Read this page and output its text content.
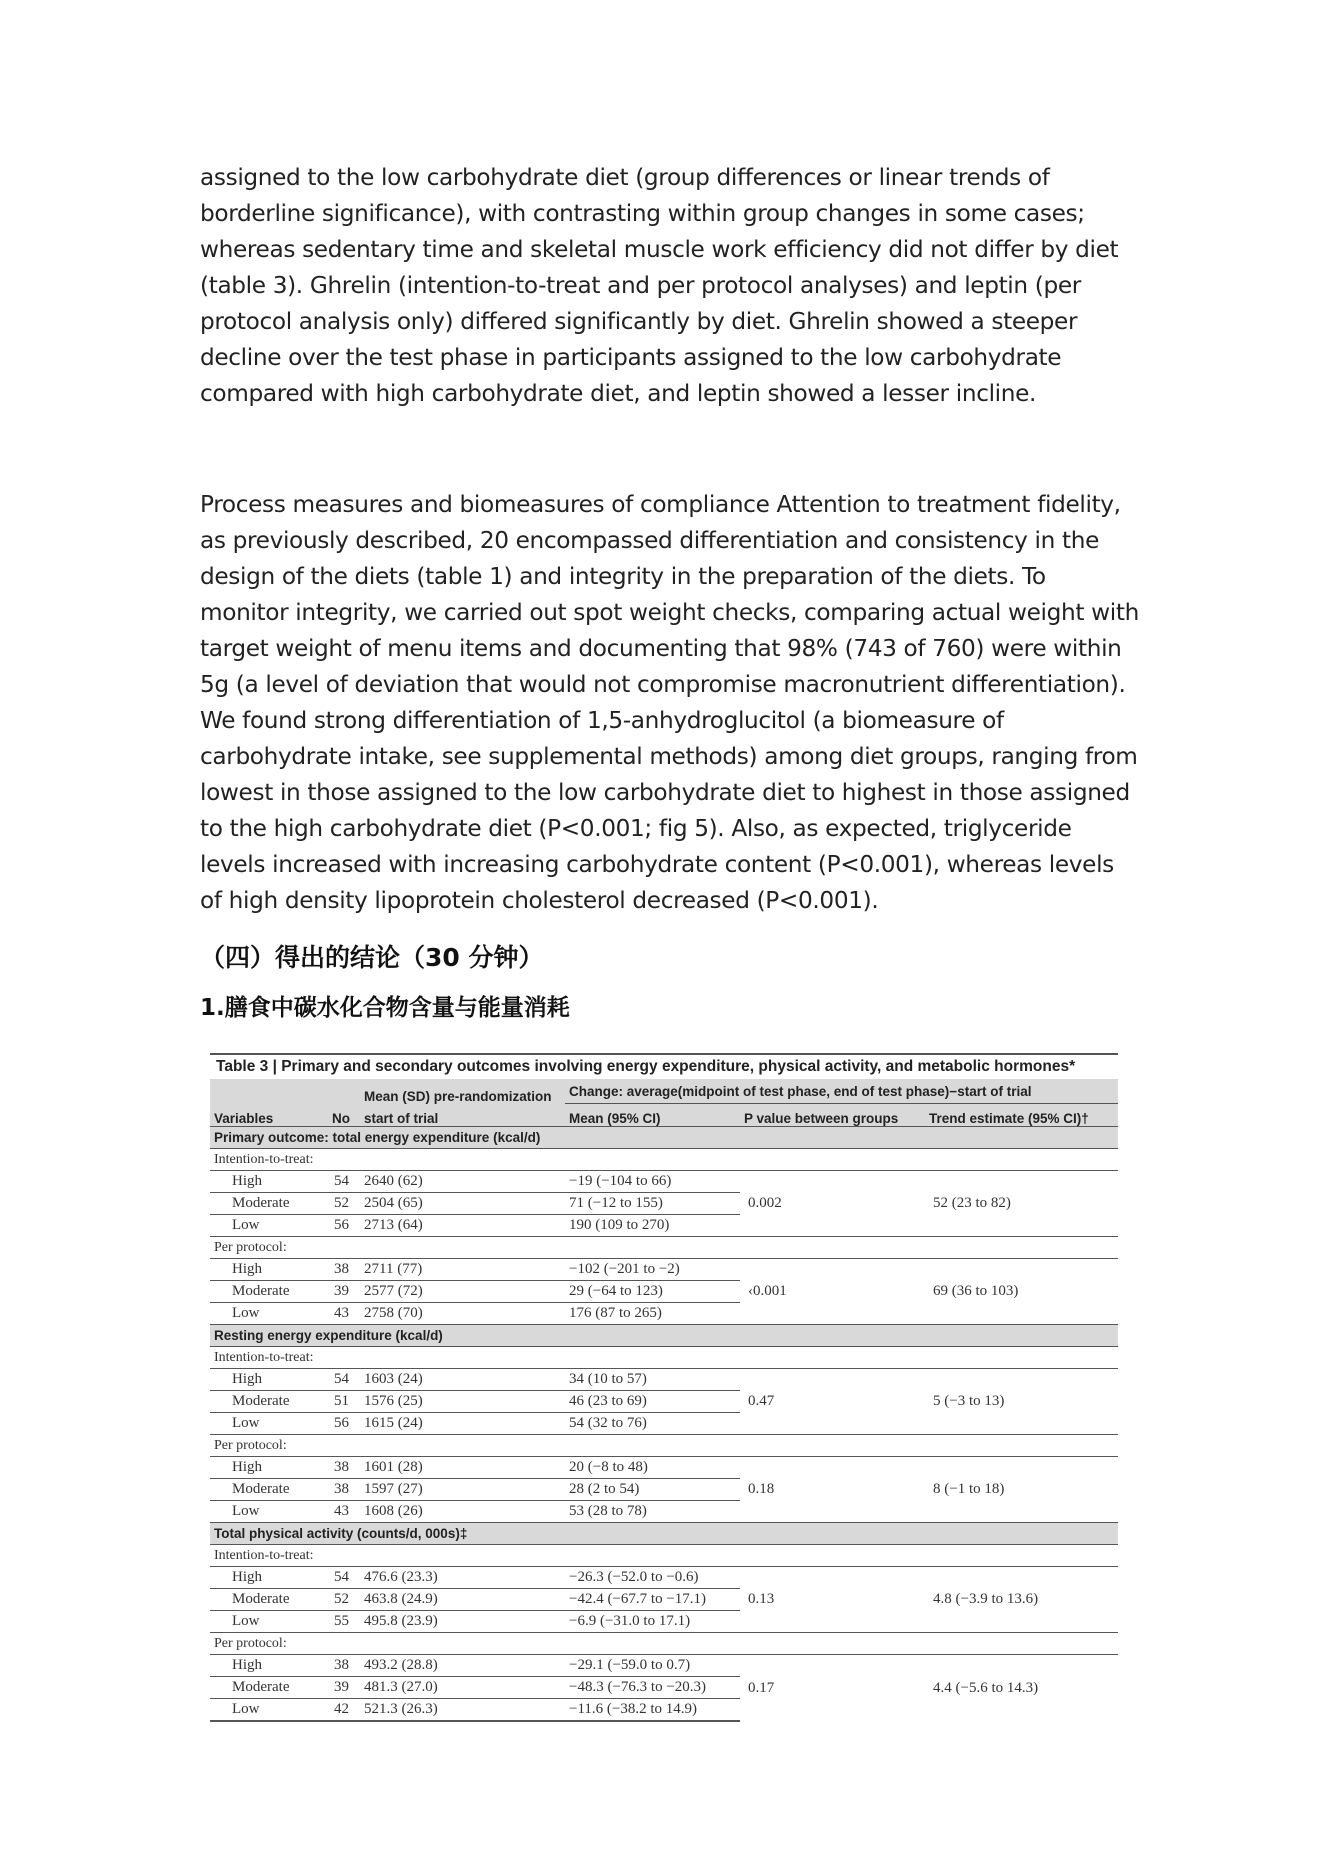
assigned to the low carbohydrate diet (group differences or linear trends of borderline significance), with contrasting within group changes in some cases; whereas sedentary time and skeletal muscle work efficiency did not differ by diet (table 3). Ghrelin (intention-to-treat and per protocol analyses) and leptin (per protocol analysis only) differed significantly by diet. Ghrelin showed a steeper decline over the test phase in participants assigned to the low carbohydrate compared with high carbohydrate diet, and leptin showed a lesser incline.

Process measures and biomeasures of compliance Attention to treatment fidelity, as previously described, 20 encompassed differentiation and consistency in the design of the diets (table 1) and integrity in the preparation of the diets. To monitor integrity, we carried out spot weight checks, comparing actual weight with target weight of menu items and documenting that 98% (743 of 760) were within 5g (a level of deviation that would not compromise macronutrient differentiation). We found strong differentiation of 1,5-anhydroglucitol (a biomeasure of carbohydrate intake, see supplemental methods) among diet groups, ranging from lowest in those assigned to the low carbohydrate diet to highest in those assigned to the high carbohydrate diet (P<0.001; fig 5). Also, as expected, triglyceride levels increased with increasing carbohydrate content (P<0.001), whereas levels of high density lipoprotein cholesterol decreased (P<0.001).

（四）得出的结论（30 分钟）

1.膳食中碳水化合物含量与能量消耗

Table 3 | Primary and secondary outcomes involving energy expenditure, physical activity, and metabolic hormones*
		Mean (SD) pre-randomization	Change: average(midpoint of test phase, end of test phase)−start of trial		
Variables	No	start of trial	Mean (95% CI)	P value between groups	Trend estimate (95% CI)†
Primary outcome: total energy expenditure (kcal/d)					
Intention-to-treat:					
High	54	2640 (62)	−19 (−104 to 66)	0.002	52 (23 to 82)
Moderate	52	2504 (65)	71 (−12 to 155)		
Low	56	2713 (64)	190 (109 to 270)		
Per protocol:					
High	38	2711 (77)	−102 (−201 to −2)	‹0.001	69 (36 to 103)
Moderate	39	2577 (72)	29 (−64 to 123)		
Low	43	2758 (70)	176 (87 to 265)		
Resting energy expenditure (kcal/d)					
Intention-to-treat:					
High	54	1603 (24)	34 (10 to 57)	0.47	5 (−3 to 13)
Moderate	51	1576 (25)	46 (23 to 69)		
Low	56	1615 (24)	54 (32 to 76)		
Per protocol:					
High	38	1601 (28)	20 (−8 to 48)	0.18	8 (−1 to 18)
Moderate	38	1597 (27)	28 (2 to 54)		
Low	43	1608 (26)	53 (28 to 78)		
Total physical activity (counts/d, 000s)‡					
Intention-to-treat:					
High	54	476.6 (23.3)	−26.3 (−52.0 to −0.6)	0.13	4.8 (−3.9 to 13.6)
Moderate	52	463.8 (24.9)	−42.4 (−67.7 to −17.1)		
Low	55	495.8 (23.9)	−6.9 (−31.0 to 17.1)		
Per protocol:					
High	38	493.2 (28.8)	−29.1 (−59.0 to 0.7)	0.17	4.4 (−5.6 to 14.3)
Moderate	39	481.3 (27.0)	−48.3 (−76.3 to −20.3)		
Low	42	521.3 (26.3)	−11.6 (−38.2 to 14.9)		
